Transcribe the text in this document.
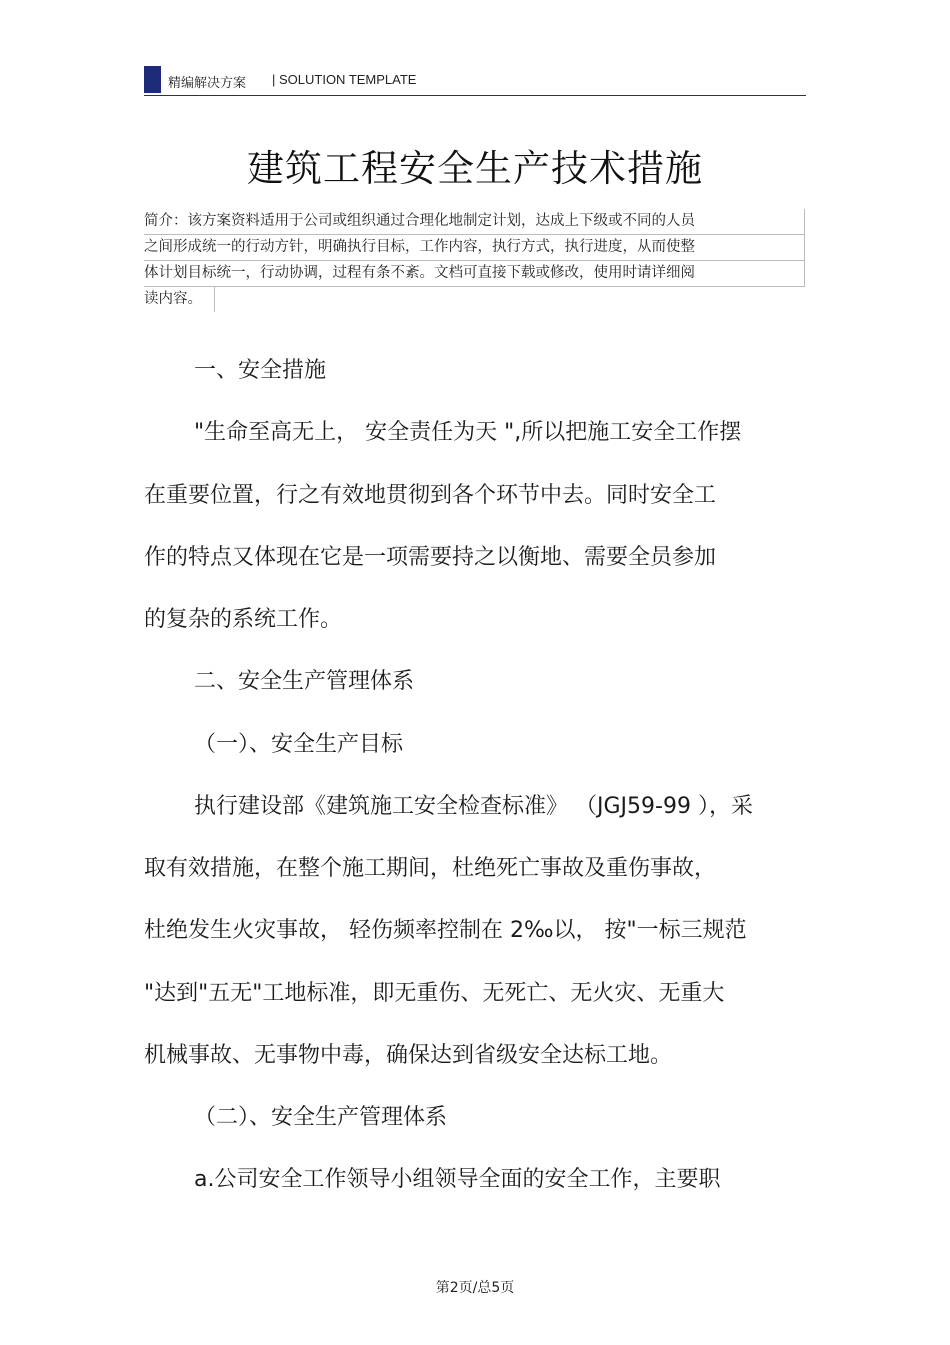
精编解决方案 | SOLUTION TEMPLATE
建筑工程安全生产技术措施
简介：该方案资料适用于公司或组织通过合理化地制定计划，达成上下级或不同的人员
之间形成统一的行动方针，明确执行目标，工作内容，执行方式，执行进度，从而使整
体计划目标统一，行动协调，过程有条不紊。文档可直接下载或修改，使用时请详细阅
读内容。
一、安全措施
"生命至高无上， 安全责任为天 ",所以把施工安全工作摆
在重要位置，行之有效地贯彻到各个环节中去。同时安全工
作的特点又体现在它是一项需要持之以衡地、需要全员参加
的复杂的系统工作。
二、安全生产管理体系
（一）、安全生产目标
执行建设部《建筑施工安全检查标准》 （JGJ59-99 ），采
取有效措施，在整个施工期间，杜绝死亡事故及重伤事故，
杜绝发生火灾事故， 轻伤频率控制在 2‰以， 按"一标三规范
"达到"五无"工地标准，即无重伤、无死亡、无火灾、无重大
机械事故、无事物中毒，确保达到省级安全达标工地。
（二）、安全生产管理体系
a.公司安全工作领导小组领导全面的安全工作，主要职
第2页/总5页
